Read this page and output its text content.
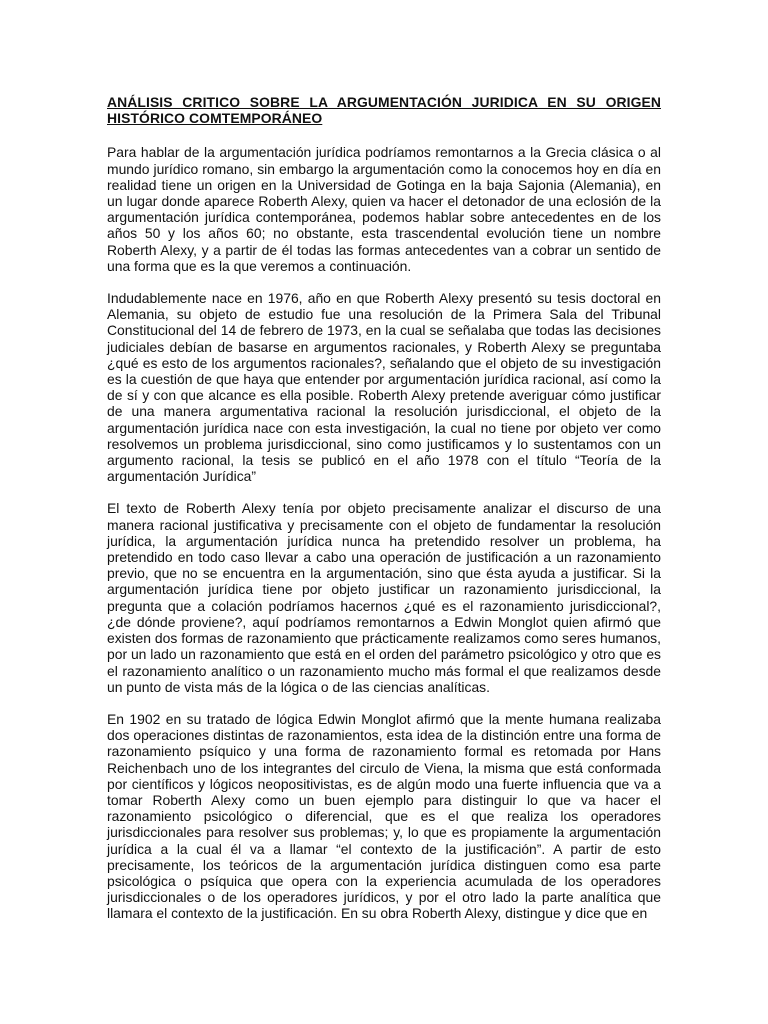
ANÁLISIS CRITICO SOBRE LA ARGUMENTACIÓN JURIDICA EN SU ORIGEN HISTÓRICO COMTEMPORÁNEO

Para hablar de la argumentación jurídica podríamos remontarnos a la Grecia clásica o al mundo jurídico romano, sin embargo la argumentación como la conocemos hoy en día en realidad tiene un origen en la Universidad de Gotinga en la baja Sajonia (Alemania), en un lugar donde aparece Roberth Alexy, quien va hacer el detonador de una eclosión de la argumentación jurídica contemporánea, podemos hablar sobre antecedentes en de los años 50 y los años 60; no obstante, esta trascendental evolución tiene un nombre Roberth Alexy, y a partir de él todas las formas antecedentes van a cobrar un sentido de una forma que es la que veremos a continuación.

Indudablemente nace en 1976, año en que Roberth Alexy presentó su tesis doctoral en Alemania, su objeto de estudio fue una resolución de la Primera Sala del Tribunal Constitucional del 14 de febrero de 1973, en la cual se señalaba que todas las decisiones judiciales debían de basarse en argumentos racionales, y Roberth Alexy se preguntaba ¿qué es esto de los argumentos racionales?, señalando que el objeto de su investigación es la cuestión de que haya que entender por argumentación jurídica racional, así como la de sí y con que alcance es ella posible. Roberth Alexy pretende averiguar cómo justificar de una manera argumentativa racional la resolución jurisdiccional, el objeto de la argumentación jurídica nace con esta investigación, la cual no tiene por objeto ver como resolvemos un problema jurisdiccional, sino como justificamos y lo sustentamos con un argumento racional, la tesis se publicó en el año 1978 con el título “Teoría de la argumentación Jurídica”

El texto de Roberth Alexy tenía por objeto precisamente analizar el discurso de una manera racional justificativa y precisamente con el objeto de fundamentar la resolución jurídica, la argumentación jurídica nunca ha pretendido resolver un problema, ha pretendido en todo caso llevar a cabo una operación de justificación a un razonamiento previo, que no se encuentra en la argumentación, sino que ésta ayuda a justificar. Si la argumentación jurídica tiene por objeto justificar un razonamiento jurisdiccional, la pregunta que a colación podríamos hacernos ¿qué es el razonamiento jurisdiccional?, ¿de dónde proviene?, aquí podríamos remontarnos a Edwin Monglot quien afirmó que existen dos formas de razonamiento que prácticamente realizamos como seres humanos, por un lado un razonamiento que está en el orden del parámetro psicológico y otro que es el razonamiento analítico o un razonamiento mucho más formal el que realizamos desde un punto de vista más de la lógica o de las ciencias analíticas.

En 1902 en su tratado de lógica Edwin Monglot afirmó que la mente humana realizaba dos operaciones distintas de razonamientos, esta idea de la distinción entre una forma de razonamiento psíquico y una forma de razonamiento formal es retomada por Hans Reichenbach uno de los integrantes del circulo de Viena, la misma que está conformada por científicos y lógicos neopositivistas, es de algún modo una fuerte influencia que va a tomar Roberth Alexy como un buen ejemplo para distinguir lo que va hacer el razonamiento psicológico o diferencial, que es el que realiza los operadores jurisdiccionales para resolver sus problemas; y, lo que es propiamente la argumentación jurídica a la cual él va a llamar “el contexto de la justificación”. A partir de esto precisamente, los teóricos de la argumentación jurídica distinguen como esa parte psicológica o psíquica que opera con la experiencia acumulada de los operadores jurisdiccionales o de los operadores jurídicos, y por el otro lado la parte analítica que llamara el contexto de la justificación. En su obra Roberth Alexy, distingue y dice que en
